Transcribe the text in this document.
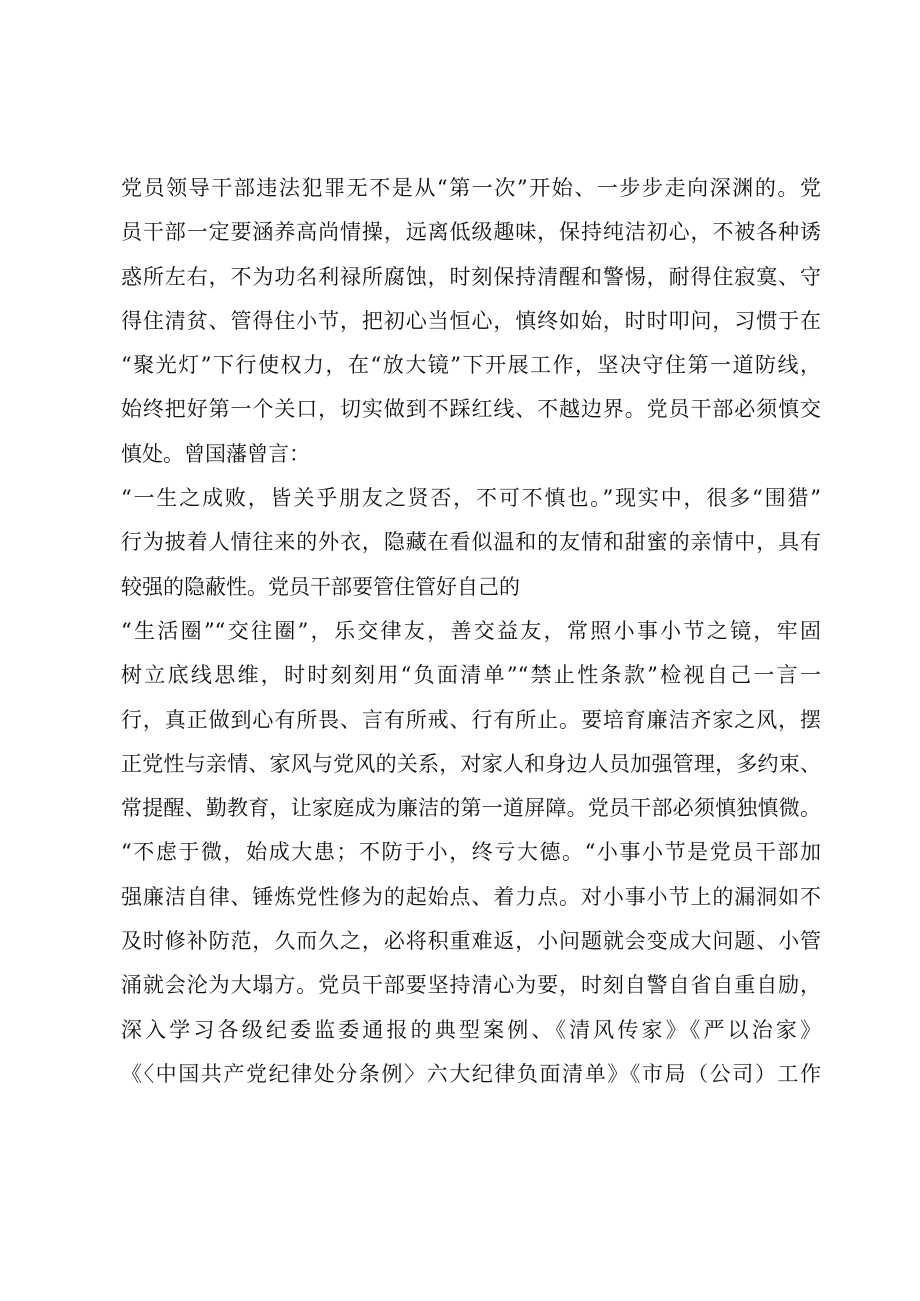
党员领导干部违法犯罪无不是从“第一次”开始、一步步走向深渊的。党
员干部一定要涵养高尚情操，远离低级趣味，保持纯洁初心，不被各种诱
惑所左右，不为功名利禄所腐蚀，时刻保持清醒和警惕，耐得住寂寞、守
得住清贫、管得住小节，把初心当恒心，慎终如始，时时叩问，习惯于在
“聚光灯”下行使权力，在“放大镜”下开展工作，坚决守住第一道防线，
始终把好第一个关口，切实做到不踩红线、不越边界。党员干部必须慎交
慎处。曾国藩曾言：
“一生之成败，皆关乎朋友之贤否，不可不慎也。”现实中，很多“围猎”
行为披着人情往来的外衣，隐藏在看似温和的友情和甜蜜的亲情中，具有
较强的隐蔽性。党员干部要管住管好自己的
“生活圈”“交往圈”，乐交律友，善交益友，常照小事小节之镜，牢固
树立底线思维，时时刻刻用“负面清单”“禁止性条款”检视自己一言一
行，真正做到心有所畏、言有所戒、行有所止。要培育廉洁齐家之风，摆
正党性与亲情、家风与党风的关系，对家人和身边人员加强管理，多约束、
常提醒、勤教育，让家庭成为廉洁的第一道屏障。党员干部必须慎独慎微。
“不虑于微，始成大患；不防于小，终亏大德。“小事小节是党员干部加
强廉洁自律、锤炼党性修为的起始点、着力点。对小事小节上的漏洞如不
及时修补防范，久而久之，必将积重难返，小问题就会变成大问题、小管
涌就会沦为大塌方。党员干部要坚持清心为要，时刻自警自省自重自励，
深入学习各级纪委监委通报的典型案例、《清风传家》《严以治家》
《〈中国共产党纪律处分条例〉六大纪律负面清单》《市局（公司）工作
